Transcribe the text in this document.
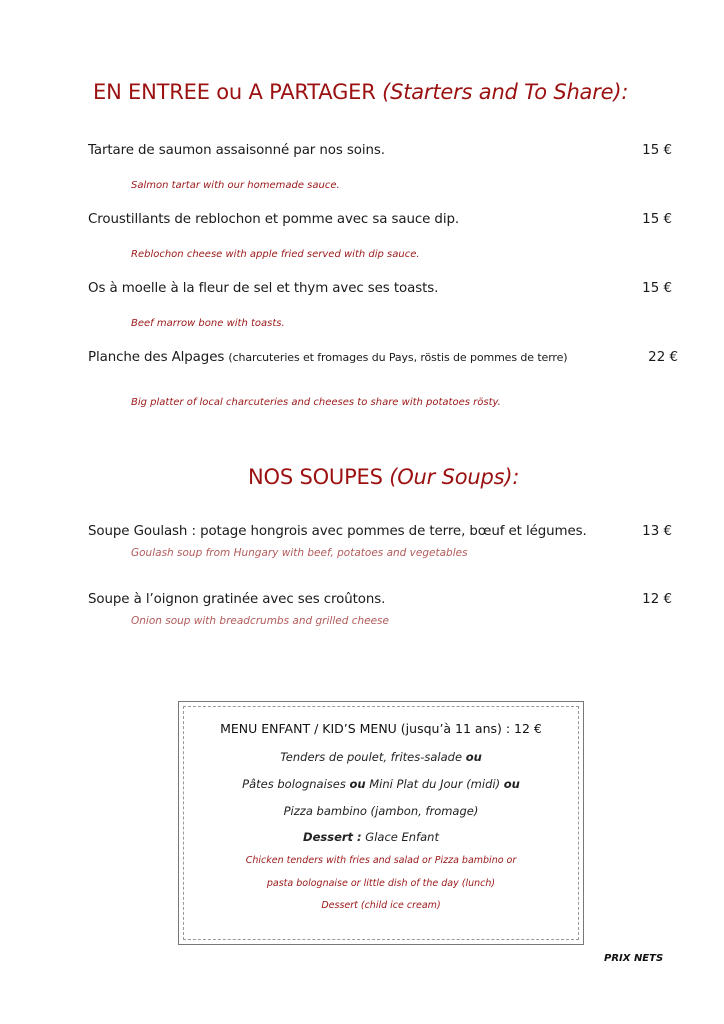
EN ENTREE ou A PARTAGER (Starters and To Share):
Tartare de saumon assaisonné par nos soins.	15 €
Salmon tartar with our homemade sauce.
Croustillants de reblochon et pomme avec sa sauce dip.	15 €
Reblochon cheese with apple fried served with dip sauce.
Os à moelle à la fleur de sel et thym avec ses toasts.	15 €
Beef marrow bone with toasts.
Planche des Alpages (charcuteries et fromages du Pays, röstis de pommes de terre)	22 €
Big platter of local charcuteries and cheeses to share with potatoes rösty.
NOS SOUPES (Our Soups):
Soupe Goulash : potage hongrois avec pommes de terre, bœuf et légumes.	13 €
Goulash soup from Hungary with beef, potatoes and vegetables
Soupe à l’oignon gratinée avec ses croûtons.	12 €
Onion soup with breadcrumbs and grilled cheese
MENU ENFANT / KID’S MENU (jusqu’à 11 ans) : 12 €
Tenders de poulet, frites-salade ou
Pâtes bolognaises ou Mini Plat du Jour (midi) ou
Pizza bambino (jambon, fromage)
Dessert : Glace Enfant
Chicken tenders with fries and salad or Pizza bambino or
pasta bolognaise or little dish of the day (lunch)
Dessert (child ice cream)
PRIX NETS
